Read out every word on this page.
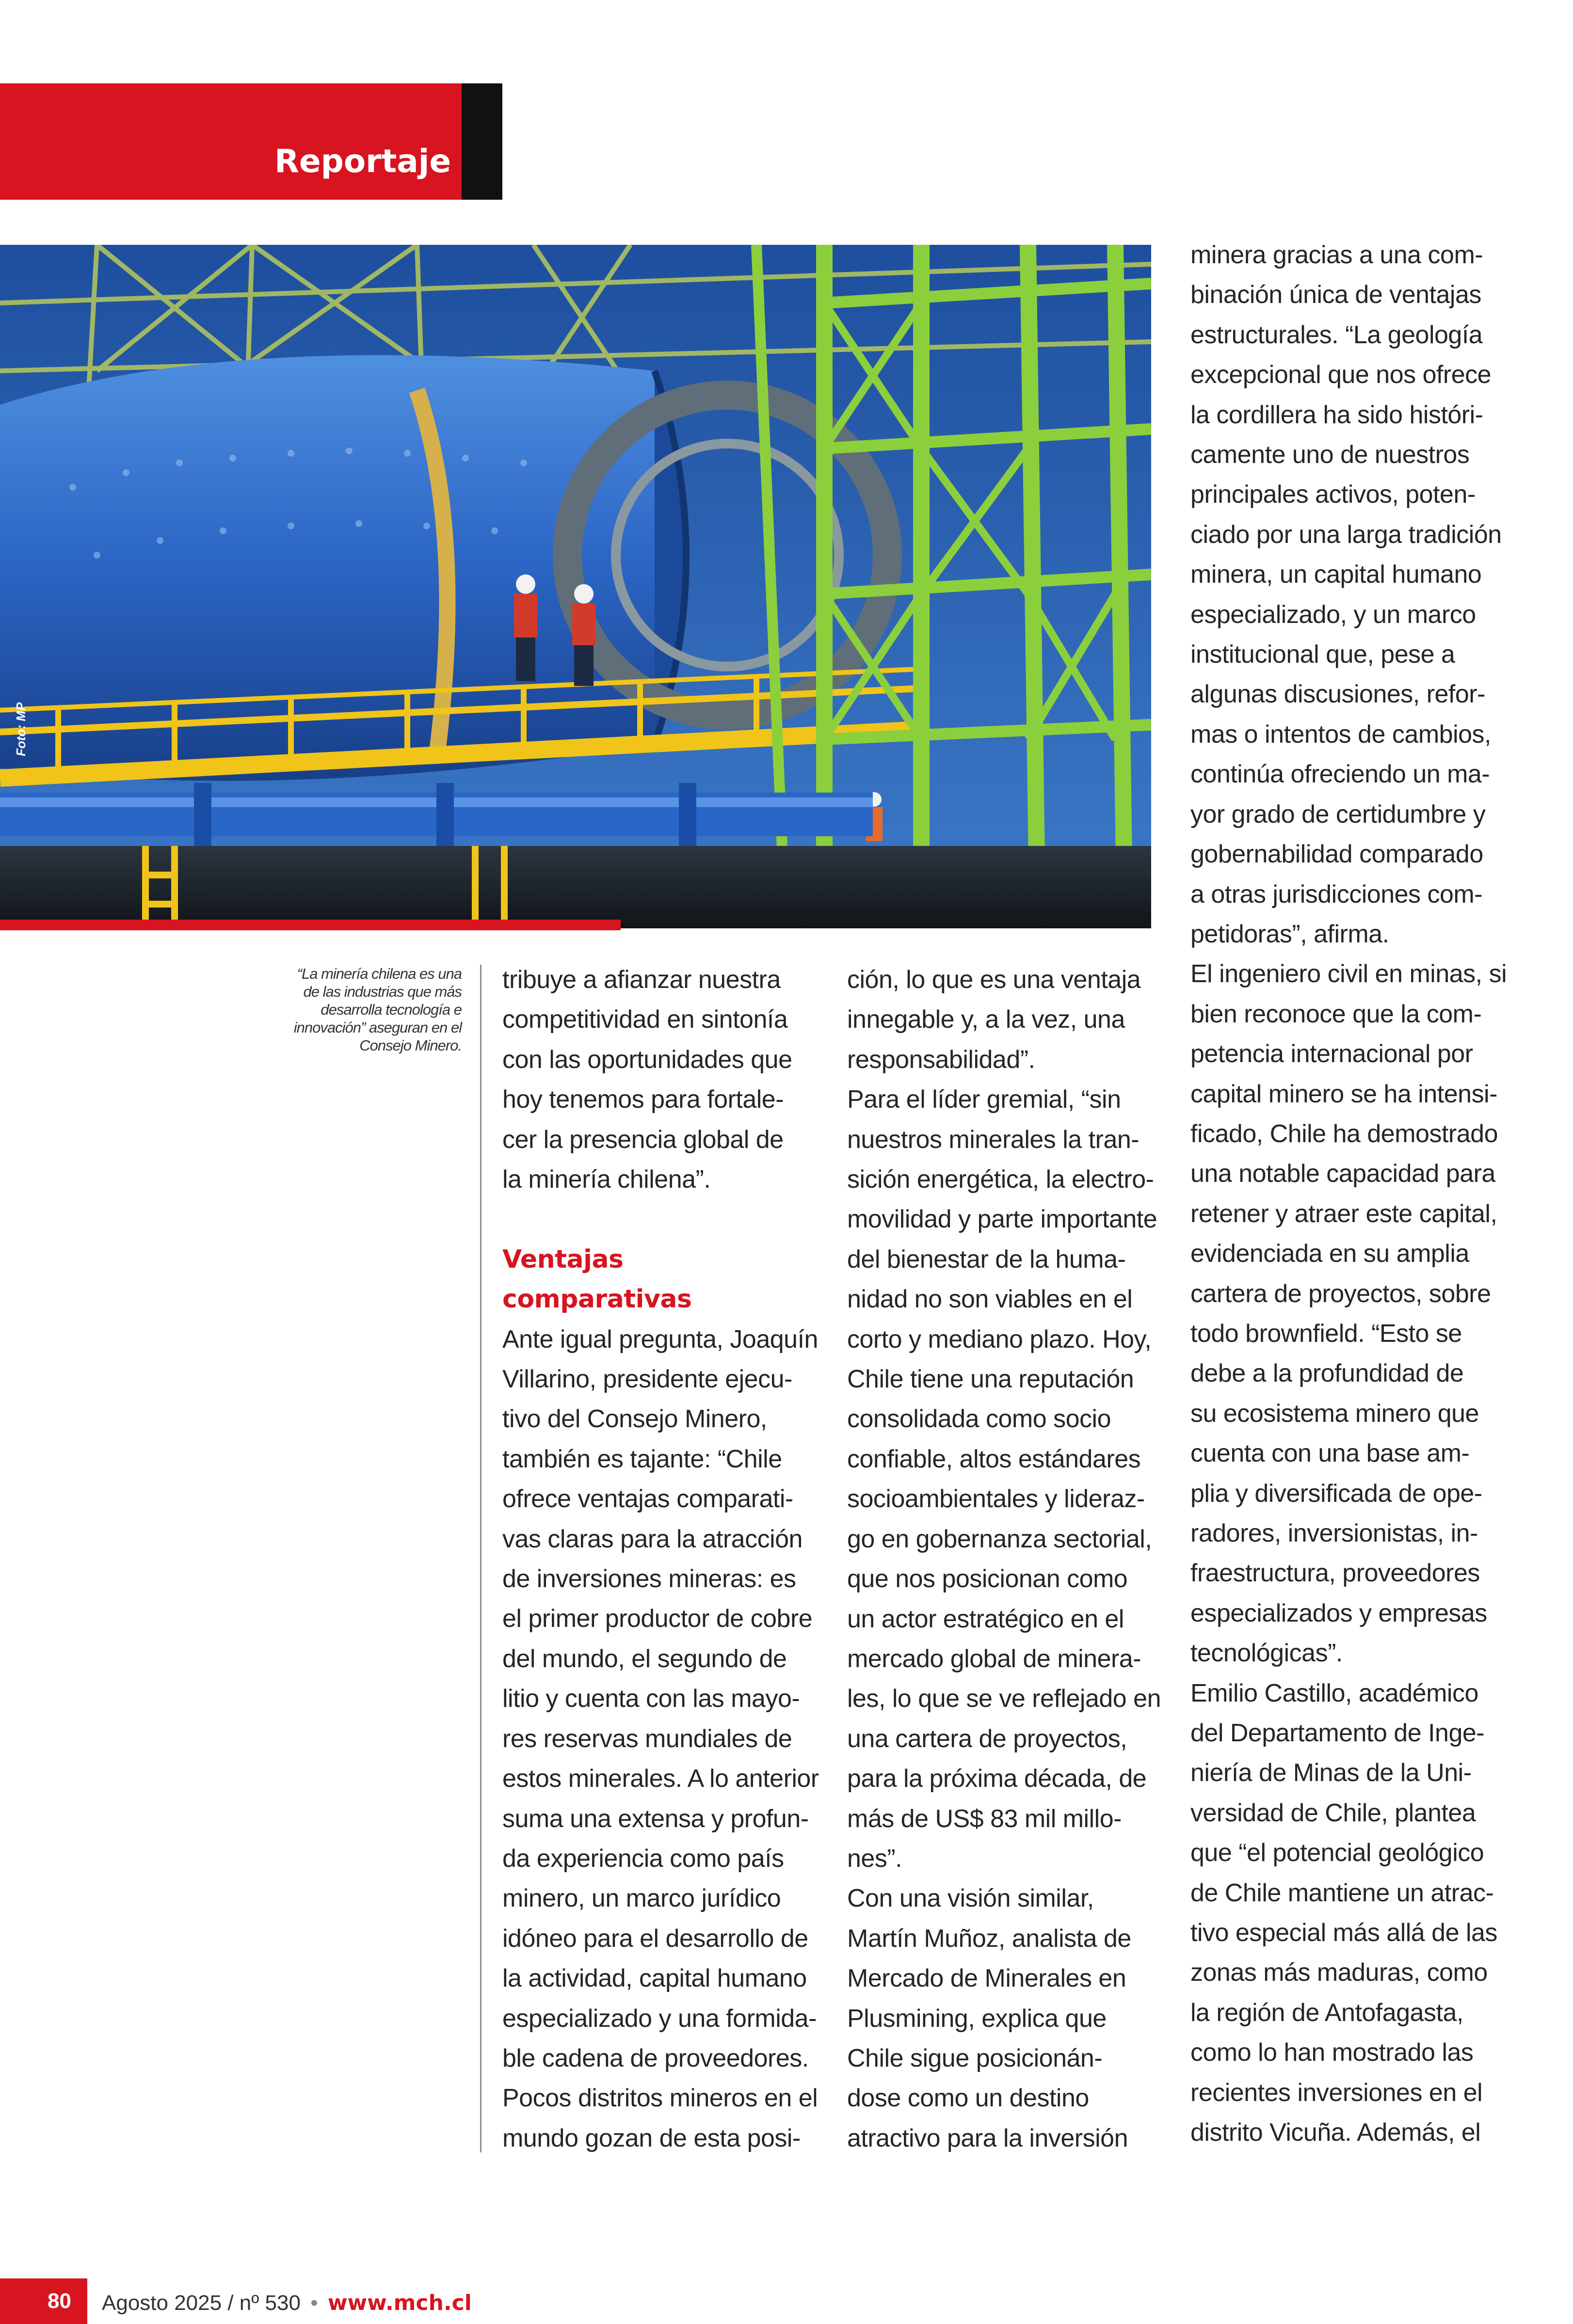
Reportaje
Foto: MP
“La minería chilena es una
de las industrias que más
desarrolla tecnología e
innovación” aseguran en el
Consejo Minero.
tribuye a afianzar nuestra
competitividad en sintonía
con las oportunidades que
hoy tenemos para fortale-
cer la presencia global de
la minería chilena”.
Ventajas
comparativas
Ante igual pregunta, Joaquín
Villarino, presidente ejecu-
tivo del Consejo Minero,
también es tajante: “Chile
ofrece ventajas comparati-
vas claras para la atracción
de inversiones mineras: es
el primer productor de cobre
del mundo, el segundo de
litio y cuenta con las mayo-
res reservas mundiales de
estos minerales. A lo anterior
suma una extensa y profun-
da experiencia como país
minero, un marco jurídico
idóneo para el desarrollo de
la actividad, capital humano
especializado y una formida-
ble cadena de proveedores.
Pocos distritos mineros en el
mundo gozan de esta posi-
ción, lo que es una ventaja
innegable y, a la vez, una
responsabilidad”.
Para el líder gremial, “sin
nuestros minerales la tran-
sición energética, la electro-
movilidad y parte importante
del bienestar de la huma-
nidad no son viables en el
corto y mediano plazo. Hoy,
Chile tiene una reputación
consolidada como socio
confiable, altos estándares
socioambientales y lideraz-
go en gobernanza sectorial,
que nos posicionan como
un actor estratégico en el
mercado global de minera-
les, lo que se ve reflejado en
una cartera de proyectos,
para la próxima década, de
más de US$ 83 mil millo-
nes”.
Con una visión similar,
Martín Muñoz, analista de
Mercado de Minerales en
Plusmining, explica que
Chile sigue posicionán-
dose como un destino
atractivo para la inversión
minera gracias a una com-
binación única de ventajas
estructurales. “La geología
excepcional que nos ofrece
la cordillera ha sido históri-
camente uno de nuestros
principales activos, poten-
ciado por una larga tradición
minera, un capital humano
especializado, y un marco
institucional que, pese a
algunas discusiones, refor-
mas o intentos de cambios,
continúa ofreciendo un ma-
yor grado de certidumbre y
gobernabilidad comparado
a otras jurisdicciones com-
petidoras”, afirma.
El ingeniero civil en minas, si
bien reconoce que la com-
petencia internacional por
capital minero se ha intensi-
ficado, Chile ha demostrado
una notable capacidad para
retener y atraer este capital,
evidenciada en su amplia
cartera de proyectos, sobre
todo brownfield. “Esto se
debe a la profundidad de
su ecosistema minero que
cuenta con una base am-
plia y diversificada de ope-
radores, inversionistas, in-
fraestructura, proveedores
especializados y empresas
tecnológicas”.
Emilio Castillo, académico
del Departamento de Inge-
niería de Minas de la Uni-
versidad de Chile, plantea
que “el potencial geológico
de Chile mantiene un atrac-
tivo especial más allá de las
zonas más maduras, como
la región de Antofagasta,
como lo han mostrado las
recientes inversiones en el
distrito Vicuña. Además, el
80 Agosto 2025 / nº 530 • www.mch.cl
